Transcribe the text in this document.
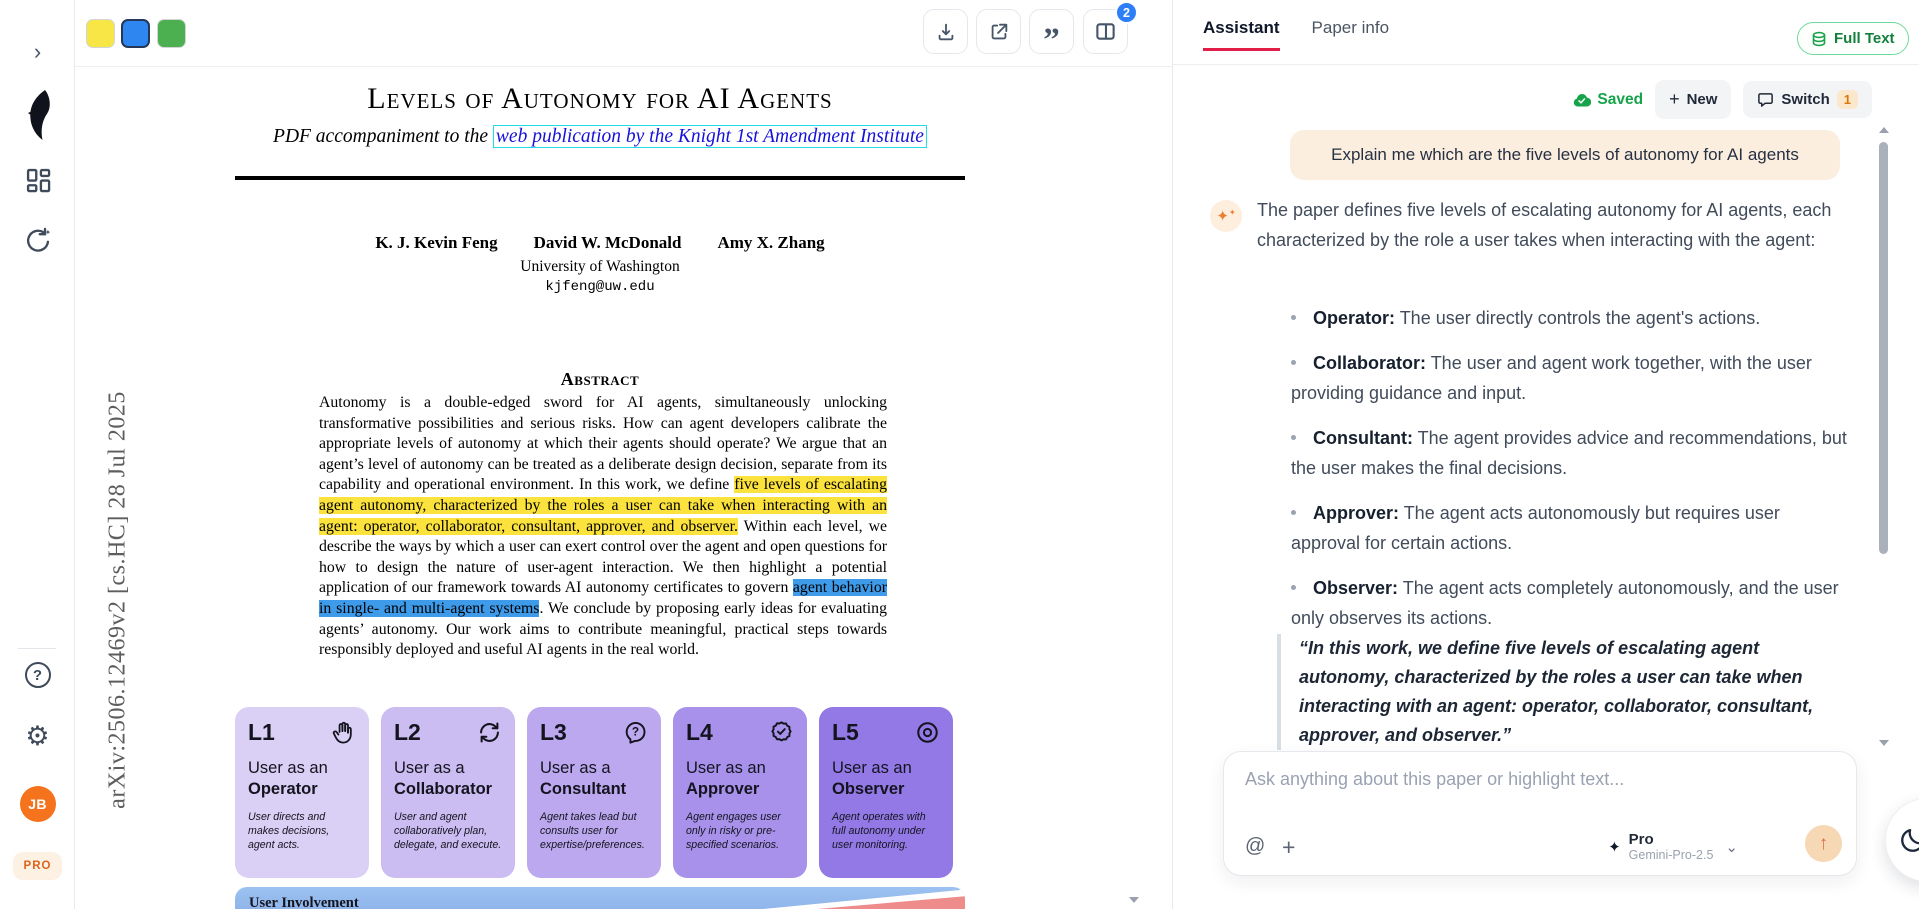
›
?
⚙
JB
PRO
”
2
arXiv:2506.12469v2 [cs.HC] 28 Jul 2025
Levels of Autonomy for AI Agents
PDF accompaniment to the web publication by the Knight 1st Amendment Institute
K. J. Kevin Feng David W. McDonald Amy X. Zhang
University of Washington
kjfeng@uw.edu
Abstract

Autonomy is a double-edged sword for AI agents, simultaneously unlocking transformative possibilities and serious risks. How can agent developers calibrate the appropriate levels of autonomy at which their agents should operate? We argue that an agent’s level of autonomy can be treated as a deliberate design decision, separate from its capability and operational environment. In this work, we define five levels of escalating agent autonomy, characterized by the roles a user can take when interacting with an agent: operator, collaborator, consultant, approver, and observer. Within each level, we describe the ways by which a user can exert control over the agent and open questions for how to design the nature of user-agent interaction. We then highlight a potential application of our framework towards AI autonomy certificates to govern agent behavior in single- and multi-agent systems. We conclude by proposing early ideas for evaluating agents’ autonomy. Our work aims to contribute meaningful, practical steps towards responsibly deployed and useful AI agents in the real world.

L1
User as an
Operator
User directs and makes decisions, agent acts.
L2
User as a
Collaborator
User and agent collaboratively plan, delegate, and execute.
L3	?
User as a
Consultant
Agent takes lead but consults user for expertise/preferences.
L4
User as an
Approver
Agent engages user only in risky or pre-specified scenarios.
L5
User as an
Observer
Agent operates with full autonomy under user monitoring.
User Involvement
Assistant Paper info
Full Text
Saved + New	Switch	1
Explain me which are the five levels of autonomy for AI agents
✦✦ The paper defines five levels of escalating autonomy for AI agents, each characterized by the role a user takes when interacting with the agent:
Operator: The user directly controls the agent's actions.
Collaborator: The user and agent work together, with the user providing guidance and input.
Consultant: The agent provides advice and recommendations, but the user makes the final decisions.
Approver: The agent acts autonomously but requires user approval for certain actions.
Observer: The agent acts completely autonomously, and the user only observes its actions.
“In this work, we define five levels of escalating agent autonomy, characterized by the roles a user can take when interacting with an agent: operator, collaborator, consultant, approver, and observer.”
Ask anything about this paper or highlight text...
@ +	✦ Pro
Gemini-Pro-2.5 ⌄	↑
